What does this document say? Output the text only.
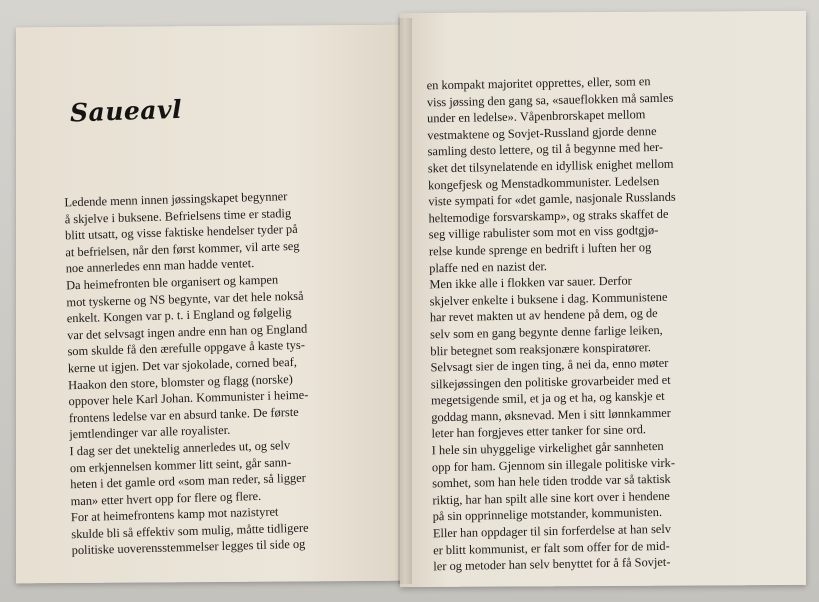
Saueavl
Ledende menn innen jøssingskapet begynner
å skjelve i buksene. Befrielsens time er stadig
blitt utsatt, og visse faktiske hendelser tyder på
at befrielsen, når den først kommer, vil arte seg
noe annerledes enn man hadde ventet.
Da heimefronten ble organisert og kampen
mot tyskerne og NS begynte, var det hele nokså
enkelt. Kongen var p. t. i England og følgelig
var det selvsagt ingen andre enn han og England
som skulde få den ærefulle oppgave å kaste tys-
kerne ut igjen. Det var sjokolade, corned beaf,
Haakon den store, blomster og flagg (norske)
oppover hele Karl Johan. Kommunister i heime-
frontens ledelse var en absurd tanke. De første
jemtlendinger var alle royalister.
I dag ser det unektelig annerledes ut, og selv
om erkjennelsen kommer litt seint, går sann-
heten i det gamle ord «som man reder, så ligger
man» etter hvert opp for flere og flere.
For at heimefrontens kamp mot nazistyret
skulde bli så effektiv som mulig, måtte tidligere
politiske uoverensstemmelser legges til side og
en kompakt majoritet opprettes, eller, som en
viss jøssing den gang sa, «saueflokken må samles
under en ledelse». Våpenbrorskapet mellom
vestmaktene og Sovjet-Russland gjorde denne
samling desto lettere, og til å begynne med her-
sket det tilsynelatende en idyllisk enighet mellom
kongefjesk og Menstadkommunister. Ledelsen
viste sympati for «det gamle, nasjonale Russlands
heltemodige forsvarskamp», og straks skaffet de
seg villige rabulister som mot en viss godtgjø-
relse kunde sprenge en bedrift i luften her og
plaffe ned en nazist der.
Men ikke alle i flokken var sauer. Derfor
skjelver enkelte i buksene i dag. Kommunistene
har revet makten ut av hendene på dem, og de
selv som en gang begynte denne farlige leiken,
blir betegnet som reaksjonære konspiratører.
Selvsagt sier de ingen ting, å nei da, enno møter
silkejøssingen den politiske grovarbeider med et
megetsigende smil, et ja og et ha, og kanskje et
goddag mann, øksnevad. Men i sitt lønnkammer
leter han forgjeves etter tanker for sine ord.
I hele sin uhyggelige virkelighet går sannheten
opp for ham. Gjennom sin illegale politiske virk-
somhet, som han hele tiden trodde var så taktisk
riktig, har han spilt alle sine kort over i hendene
på sin opprinnelige motstander, kommunisten.
Eller han oppdager til sin forferdelse at han selv
er blitt kommunist, er falt som offer for de mid-
ler og metoder han selv benyttet for å få Sovjet-
